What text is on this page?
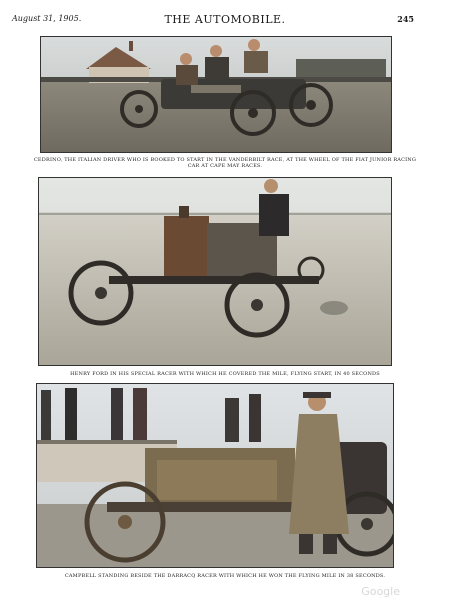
August 31, 1905.	THE AUTOMOBILE.	245
CEDRINO, THE ITALIAN DRIVER WHO IS BOOKED TO START IN THE VANDERBILT RACE, AT THE WHEEL OF THE FIAT JUNIOR RACING CAR AT CAPE MAY RACES.
HENRY FORD IN HIS SPECIAL RACER WITH WHICH HE COVERED THE MILE, FLYING START, IN 40 SECONDS
CAMPBELL STANDING BESIDE THE DARRACQ RACER WITH WHICH HE WON THE FLYING MILE IN 38 SECONDS.
Google
